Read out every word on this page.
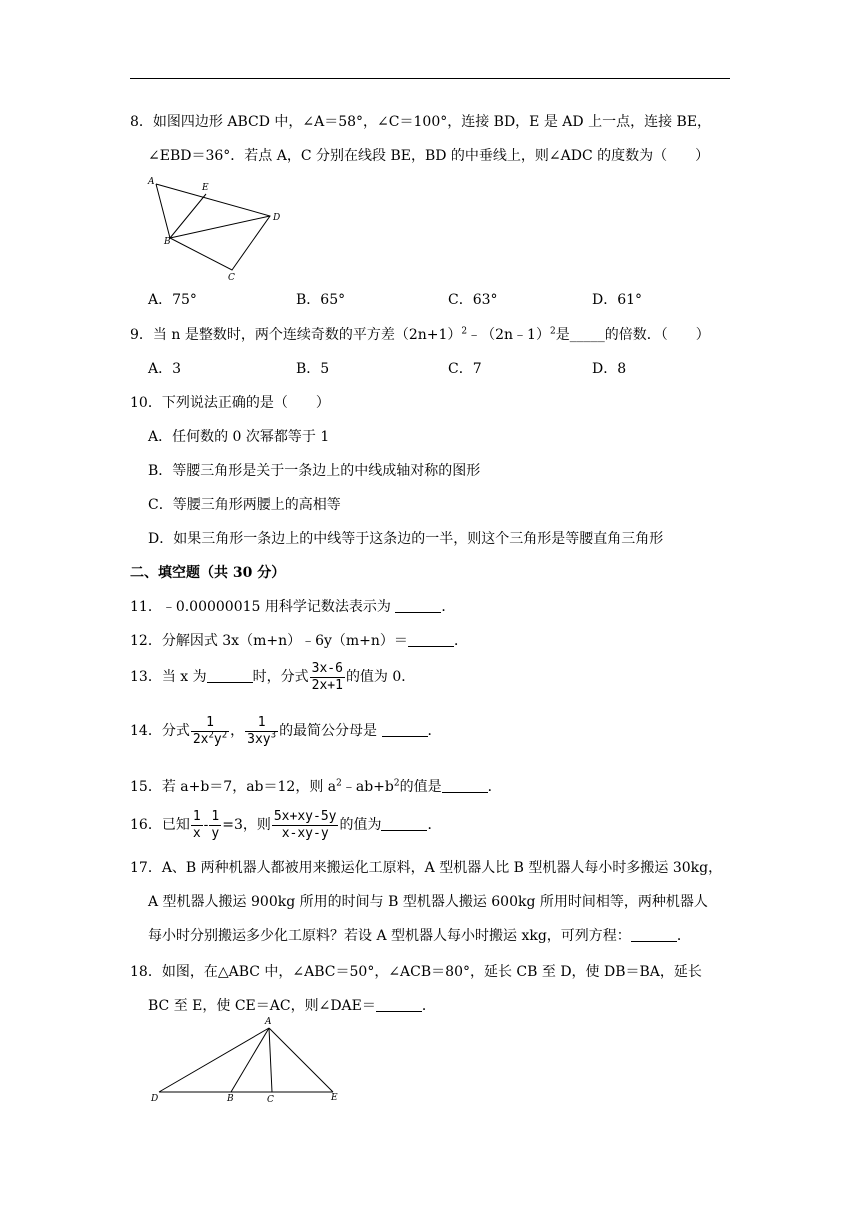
8．如图四边形 ABCD 中，∠A＝58°，∠C＝100°，连接 BD，E 是 AD 上一点，连接 BE，
∠EBD＝36°．若点 A，C 分别在线段 BE，BD 的中垂线上，则∠ADC 的度数为（　　）
A
E
B
D
C
A．75°	B．65°	C．63°	D．61°
9．当 n 是整数时，两个连续奇数的平方差$(2n+1)^2﹣(2n﹣1)^2$是_____的倍数．（　　）
A．3	B．5	C．7	D．8
10．下列说法正确的是（　　）
A．任何数的 0 次幂都等于 1
B．等腰三角形是关于一条边上的中线成轴对称的图形
C．等腰三角形两腰上的高相等
D．如果三角形一条边上的中线等于这条边的一半，则这个三角形是等腰直角三角形
二、填空题（共 30 分）
11．﹣0.00000015 用科学记数法表示为	．
12．分解因式 3x（m+n）﹣6y（m+n）＝	．
13．当 x 为	时，分式 $\frac{3x-6}{2x+1}$ 的值为 0．
14．分式 $\frac{1}{2x^2y^2}$ ， $\frac{1}{3xy^3}$ 的最简公分母是	．
15．若 a+b＝7，ab＝12，则 $a^2﹣ab+b^2$的值是	．
16．已知 $\frac{1}{x} - \frac{1}{y} =3$，则 $\frac{5x+xy-5y}{x-xy-y}$ 的值为	．
17．A、B 两种机器人都被用来搬运化工原料，A 型机器人比 B 型机器人每小时多搬运 30kg，
A 型机器人搬运 900kg 所用的时间与 B 型机器人搬运 600kg 所用时间相等，两种机器人
每小时分别搬运多少化工原料？若设 A 型机器人每小时搬运 xkg，可列方程：	．
18．如图，在△ABC 中，∠ABC＝50°，∠ACB＝80°，延长 CB 至 D，使 DB＝BA，延长
BC 至 E，使 CE＝AC，则∠DAE＝	．
A
D	B	C	E
